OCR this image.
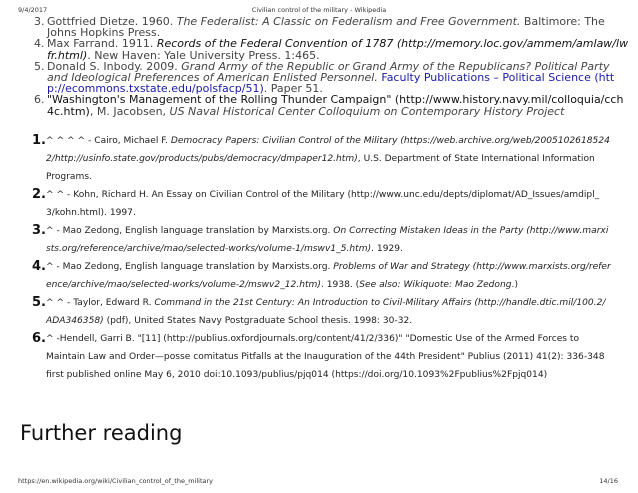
9/4/2017	Civilian control of the military - Wikipedia
3. Gottfried Dietze. 1960. The Federalist: A Classic on Federalism and Free Government. Baltimore: The
Johns Hopkins Press.
4. Max Farrand. 1911. Records of the Federal Convention of 1787 (http://memory.loc.gov/ammem/amlaw/lw
fr.html). New Haven: Yale University Press. 1:465.
5. Donald S. Inbody. 2009. Grand Army of the Republic or Grand Army of the Republicans? Political Party
and Ideological Preferences of American Enlisted Personnel. Faculty Publications – Political Science (htt
p://ecommons.txstate.edu/polsfacp/51). Paper 51.
6. "Washington's Management of the Rolling Thunder Campaign" (http://www.history.navy.mil/colloquia/cch
4c.htm), M. Jacobsen, US Naval Historical Center Colloquium on Contemporary History Project
1. ^ ^ ^ ^ - Cairo, Michael F. Democracy Papers: Civilian Control of the Military (https://web.archive.org/web/2005102618524
2/http://usinfo.state.gov/products/pubs/democracy/dmpaper12.htm), U.S. Department of State International Information
Programs.
2. ^ ^ - Kohn, Richard H. An Essay on Civilian Control of the Military (http://www.unc.edu/depts/diplomat/AD_Issues/amdipl_
3/kohn.html). 1997.
3. ^ - Mao Zedong, English language translation by Marxists.org. On Correcting Mistaken Ideas in the Party (http://www.marxi
sts.org/reference/archive/mao/selected-works/volume-1/mswv1_5.htm). 1929.
4. ^ - Mao Zedong, English language translation by Marxists.org. Problems of War and Strategy (http://www.marxists.org/refer
ence/archive/mao/selected-works/volume-2/mswv2_12.htm). 1938. (See also: Wikiquote: Mao Zedong.)
5. ^ ^ - Taylor, Edward R. Command in the 21st Century: An Introduction to Civil-Military Affairs (http://handle.dtic.mil/100.2/
ADA346358) (pdf), United States Navy Postgraduate School thesis. 1998: 30-32.
6. ^ -Hendell, Garri B. "[11] (http://publius.oxfordjournals.org/content/41/2/336)" "Domestic Use of the Armed Forces to
Maintain Law and Order—posse comitatus Pitfalls at the Inauguration of the 44th President" Publius (2011) 41(2): 336-348
first published online May 6, 2010 doi:10.1093/publius/pjq014 (https://doi.org/10.1093%2Fpublius%2Fpjq014)
Further reading
https://en.wikipedia.org/wiki/Civilian_control_of_the_military	14/16
